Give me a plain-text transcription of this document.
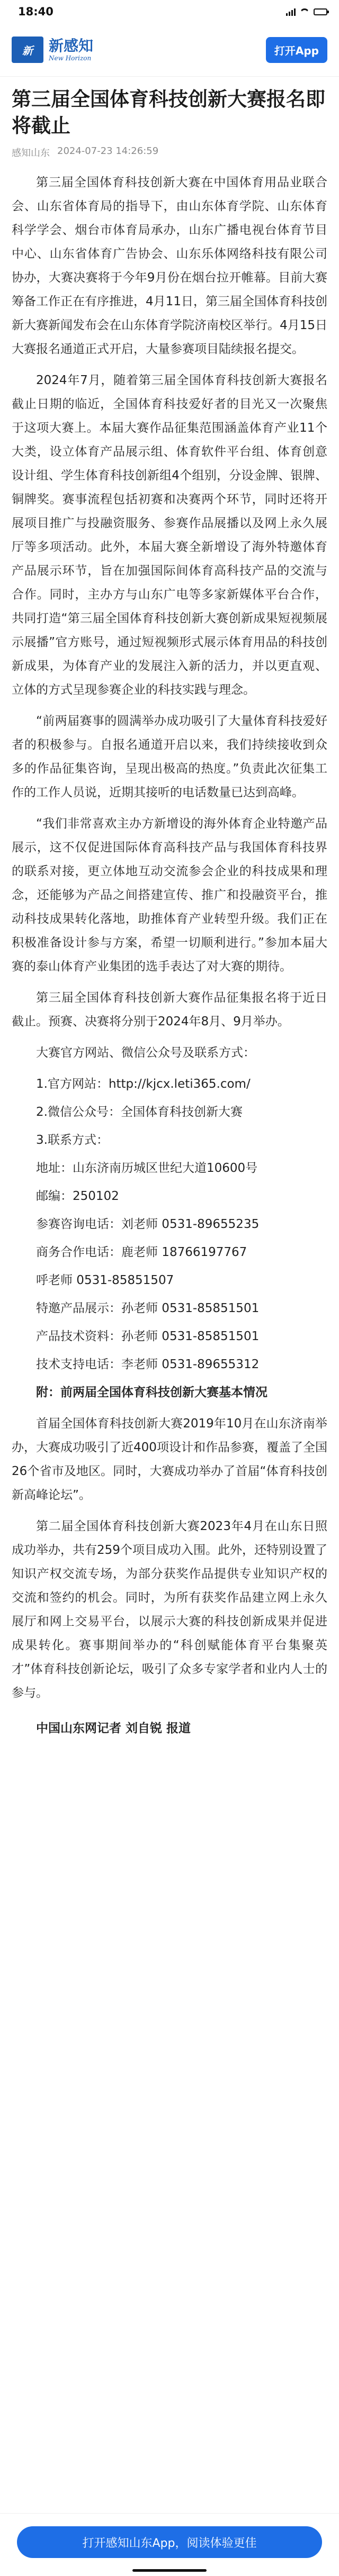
18:40
新 新感知
New Horizon
打开App
第三届全国体育科技创新大赛报名即将截止
感知山东 2024-07-23 14:26:59

第三届全国体育科技创新大赛在中国体育用品业联合会、山东省体育局的指导下，由山东体育学院、山东体育科学学会、烟台市体育局承办，山东广播电视台体育节目中心、山东省体育广告协会、山东乐体网络科技有限公司协办，大赛决赛将于今年9月份在烟台拉开帷幕。目前大赛筹备工作正在有序推进，4月11日，第三届全国体育科技创新大赛新闻发布会在山东体育学院济南校区举行。4月15日大赛报名通道正式开启，大量参赛项目陆续报名提交。

2024年7月，随着第三届全国体育科技创新大赛报名截止日期的临近，全国体育科技爱好者的目光又一次聚焦于这项大赛上。本届大赛作品征集范围涵盖体育产业11个大类，设立体育产品展示组、体育软件平台组、体育创意设计组、学生体育科技创新组4个组别，分设金牌、银牌、铜牌奖。赛事流程包括初赛和决赛两个环节，同时还将开展项目推广与投融资服务、参赛作品展播以及网上永久展厅等多项活动。此外，本届大赛全新增设了海外特邀体育产品展示环节，旨在加强国际间体育高科技产品的交流与合作。同时，主办方与山东广电等多家新媒体平台合作，共同打造“第三届全国体育科技创新大赛创新成果短视频展示展播”官方账号，通过短视频形式展示体育用品的科技创新成果，为体育产业的发展注入新的活力，并以更直观、立体的方式呈现参赛企业的科技实践与理念。

“前两届赛事的圆满举办成功吸引了大量体育科技爱好者的积极参与。自报名通道开启以来，我们持续接收到众多的作品征集咨询，呈现出极高的热度。”负责此次征集工作的工作人员说，近期其接听的电话数量已达到高峰。

“我们非常喜欢主办方新增设的海外体育企业特邀产品展示，这不仅促进国际体育高科技产品与我国体育科技界的联系对接，更立体地互动交流参会企业的科技成果和理念，还能够为产品之间搭建宣传、推广和投融资平台，推动科技成果转化落地，助推体育产业转型升级。我们正在积极准备设计参与方案，希望一切顺利进行。”参加本届大赛的泰山体育产业集团的选手表达了对大赛的期待。

第三届全国体育科技创新大赛作品征集报名将于近日截止。预赛、决赛将分别于2024年8月、9月举办。

大赛官方网站、微信公众号及联系方式：

1.官方网站：http://kjcx.leti365.com/

2.微信公众号：全国体育科技创新大赛

3.联系方式：

地址：山东济南历城区世纪大道10600号

邮编：250102

参赛咨询电话：刘老师 0531-89655235

商务合作电话：鹿老师 18766197767

呼老师 0531-85851507

特邀产品展示：孙老师 0531-85851501

产品技术资料：孙老师 0531-85851501

技术支持电话：李老师 0531-89655312

附：前两届全国体育科技创新大赛基本情况

首届全国体育科技创新大赛2019年10月在山东济南举办，大赛成功吸引了近400项设计和作品参赛，覆盖了全国26个省市及地区。同时，大赛成功举办了首届“体育科技创新高峰论坛”。

第二届全国体育科技创新大赛2023年4月在山东日照成功举办，共有259个项目成功入围。此外，还特别设置了知识产权交流专场，为部分获奖作品提供专业知识产权的交流和签约的机会。同时，为所有获奖作品建立网上永久展厅和网上交易平台，以展示大赛的科技创新成果并促进成果转化。赛事期间举办的“科创赋能体育平台集聚英才”体育科技创新论坛，吸引了众多专家学者和业内人士的参与。

中国山东网记者 刘自锐 报道

打开感知山东App，阅读体验更佳
